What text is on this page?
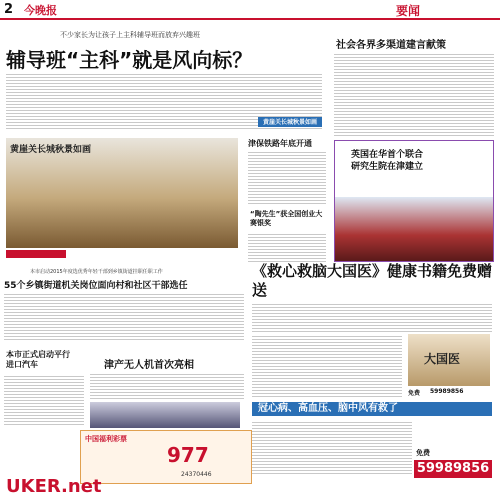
2 今晚报	要闻
不少家长为让孩子上主科辅导班而放弃兴趣班
辅导班“主科”就是风向标？
黄崖关长城秋景如画
黄崖关长城秋景如画
津保铁路年底开通
“陶先生”获全国创业大赛银奖
社会各界多渠道建言献策
英国在华首个联合研究生院在津建立
本市启动2015年度选优秀年轻干部到乡镇街道挂职任职工作
55个乡镇街道机关岗位面向村和社区干部选任
本市正式启动平行进口汽车	津产无人机首次亮相
中国福利彩票
977
24370446
《救心救脑大国医》健康书籍免费赠送
大国医
免费 59989856
冠心病、高血压、脑中风有救了
免费
59989856
UKER.net
